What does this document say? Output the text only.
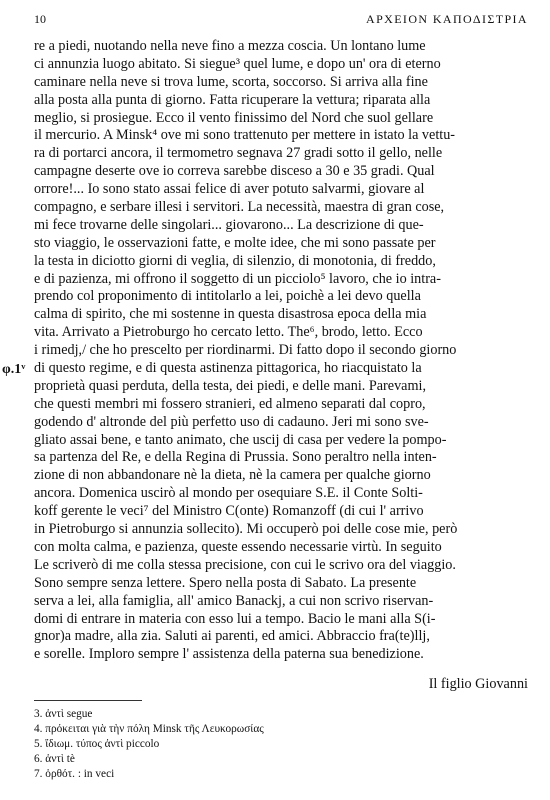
10	ΑΡΧΕΙΟΝ ΚΑΠΟΔΙΣΤΡΙΑ
φ.1ᵛ
re a piedi, nuotando nella neve fino a mezza coscia. Un lontano lume
ci annunzia luogo abitato. Si siegue³ quel lume, e dopo un' ora di eterno
caminare nella neve si trova lume, scorta, soccorso. Si arriva alla fine
alla posta alla punta di giorno. Fatta ricuperare la vettura; riparata alla
meglio, si prosiegue. Ecco il vento finissimo del Nord che suol gellare
il mercurio. A Minsk⁴ ove mi sono trattenuto per mettere in istato la vettu-
ra di portarci ancora, il termometro segnava 27 gradi sotto il gello, nelle
campagne deserte ove io correva sarebbe disceso a 30 e 35 gradi. Qual
orrore!... Io sono stato assai felice di aver potuto salvarmi, giovare al
compagno, e serbare illesi i servitori. La necessità, maestra di gran cose,
mi fece trovarne delle singolari... giovarono... La descrizione di que-
sto viaggio, le osservazioni fatte, e molte idee, che mi sono passate per
la testa in diciotto giorni di veglia, di silenzio, di monotonia, di freddo,
e di pazienza, mi offrono il soggetto di un picciolo⁵ lavoro, che io intra-
prendo col proponimento di intitolarlo a lei, poichè a lei devo quella
calma di spirito, che mi sostenne in questa disastrosa epoca della mia
vita. Arrivato a Pietroburgo ho cercato letto. The⁶, brodo, letto. Ecco
i rimedj,/ che ho prescelto per riordinarmi. Di fatto dopo il secondo giorno
di questo regime, e di questa astinenza pittagorica, ho riacquistato la
proprietà quasi perduta, della testa, dei piedi, e delle mani. Parevami,
che questi membri mi fossero stranieri, ed almeno separati dal copro,
godendo d' altronde del più perfetto uso di cadauno. Jeri mi sono sve-
gliato assai bene, e tanto animato, che uscij di casa per vedere la pompo-
sa partenza del Re, e della Regina di Prussia. Sono peraltro nella inten-
zione di non abbandonare nè la dieta, nè la camera per qualche giorno
ancora. Domenica uscirò al mondo per osequiare S.E. il Conte Solti-
koff gerente le veci⁷ del Ministro C(onte) Romanzoff (di cui l' arrivo
in Pietroburgo si annunzia sollecito). Mi occuperò poi delle cose mie, però
con molta calma, e pazienza, queste essendo necessarie virtù. In seguito
Le scriverò di me colla stessa precisione, con cui le scrivo ora del viaggio.
Sono sempre senza lettere. Spero nella posta di Sabato. La presente
serva a lei, alla famiglia, all' amico Banackj, a cui non scrivo riservan-
domi di entrare in materia con esso lui a tempo. Bacio le mani alla S(i-
gnor)a madre, alla zia. Saluti ai parenti, ed amici. Abbraccio fra(te)llj,
e sorelle. Imploro sempre l' assistenza della paterna sua benedizione.
Il figlio Giovanni
3. ἀντὶ segue
4. πρόκειται γιὰ τὴν πόλη Minsk τῆς Λευκορωσίας
5. ἴδιωμ. τύπος ἀντὶ piccolo
6. ἀντὶ tè
7. ὀρθότ. : in veci
